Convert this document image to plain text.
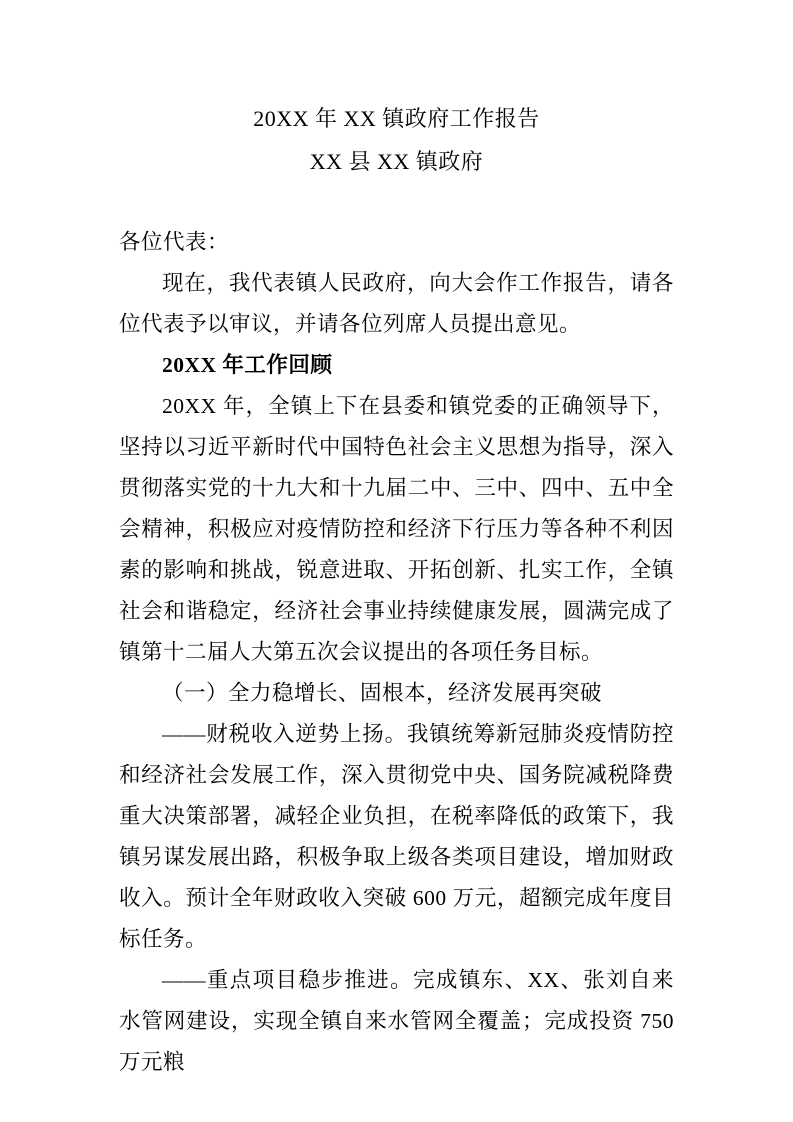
20XX 年 XX 镇政府工作报告
XX 县 XX 镇政府

各位代表：

现在，我代表镇人民政府，向大会作工作报告，请各位代表予以审议，并请各位列席人员提出意见。

20XX 年工作回顾

20XX 年，全镇上下在县委和镇党委的正确领导下，坚持以习近平新时代中国特色社会主义思想为指导，深入贯彻落实党的十九大和十九届二中、三中、四中、五中全会精神，积极应对疫情防控和经济下行压力等各种不利因素的影响和挑战，锐意进取、开拓创新、扎实工作，全镇社会和谐稳定，经济社会事业持续健康发展，圆满完成了镇第十二届人大第五次会议提出的各项任务目标。

（一）全力稳增长、固根本，经济发展再突破

——财税收入逆势上扬。我镇统筹新冠肺炎疫情防控和经济社会发展工作，深入贯彻党中央、国务院减税降费重大决策部署，减轻企业负担，在税率降低的政策下，我镇另谋发展出路，积极争取上级各类项目建设，增加财政收入。预计全年财政收入突破 600 万元，超额完成年度目标任务。

——重点项目稳步推进。完成镇东、XX、张刘自来水管网建设，实现全镇自来水管网全覆盖；完成投资 750 万元粮
